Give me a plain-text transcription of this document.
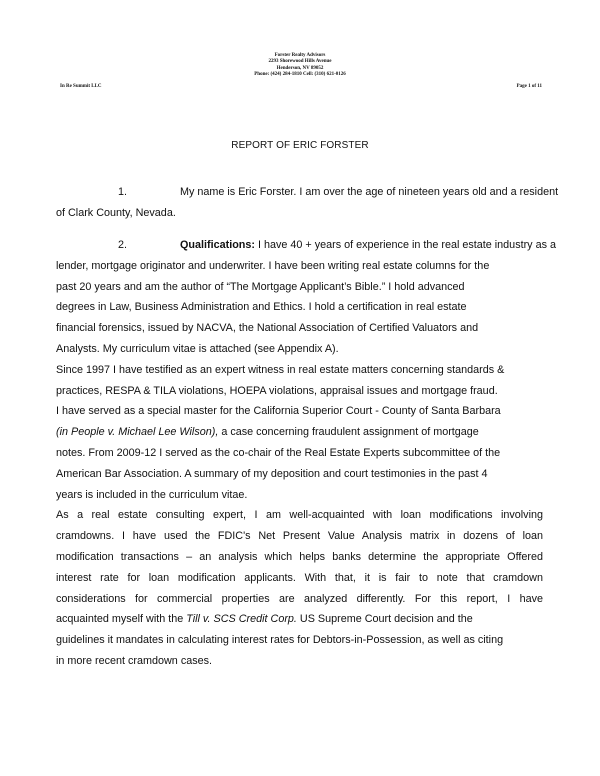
Forster Realty Advisors
2293 Shorewood Hills Avenue
Henderson, NV 89052
Phone: (424) 284-1810 Cell: (310) 621-0126
In Re Summit LLC	Page 1 of 11
REPORT OF ERIC FORSTER
1.	My name is Eric Forster. I am over the age of nineteen years old and a resident
of Clark County, Nevada.
2.	Qualifications: I have 40 + years of experience in the real estate industry as a
lender, mortgage originator and underwriter. I have been writing real estate columns for the
past 20 years and am the author of “The Mortgage Applicant’s Bible.” I hold advanced
degrees in Law, Business Administration and Ethics. I hold a certification in real estate
financial forensics, issued by NACVA, the National Association of Certified Valuators and
Analysts. My curriculum vitae is attached (see Appendix A).
Since 1997 I have testified as an expert witness in real estate matters concerning standards &
practices, RESPA & TILA violations, HOEPA violations, appraisal issues and mortgage fraud.
I have served as a special master for the California Superior Court - County of Santa Barbara
(in People v. Michael Lee Wilson), a case concerning fraudulent assignment of mortgage
notes. From 2009-12 I served as the co-chair of the Real Estate Experts subcommittee of the
American Bar Association. A summary of my deposition and court testimonies in the past 4
years is included in the curriculum vitae.
As a real estate consulting expert, I am well-acquainted with loan modifications involving
cramdowns. I have used the FDIC's Net Present Value Analysis matrix in dozens of loan
modification transactions – an analysis which helps banks determine the appropriate Offered
interest rate for loan modification applicants. With that, it is fair to note that cramdown
considerations for commercial properties are analyzed differently. For this report, I have
acquainted myself with the Till v. SCS Credit Corp. US Supreme Court decision and the
guidelines it mandates in calculating interest rates for Debtors-in-Possession, as well as citing
in more recent cramdown cases.
